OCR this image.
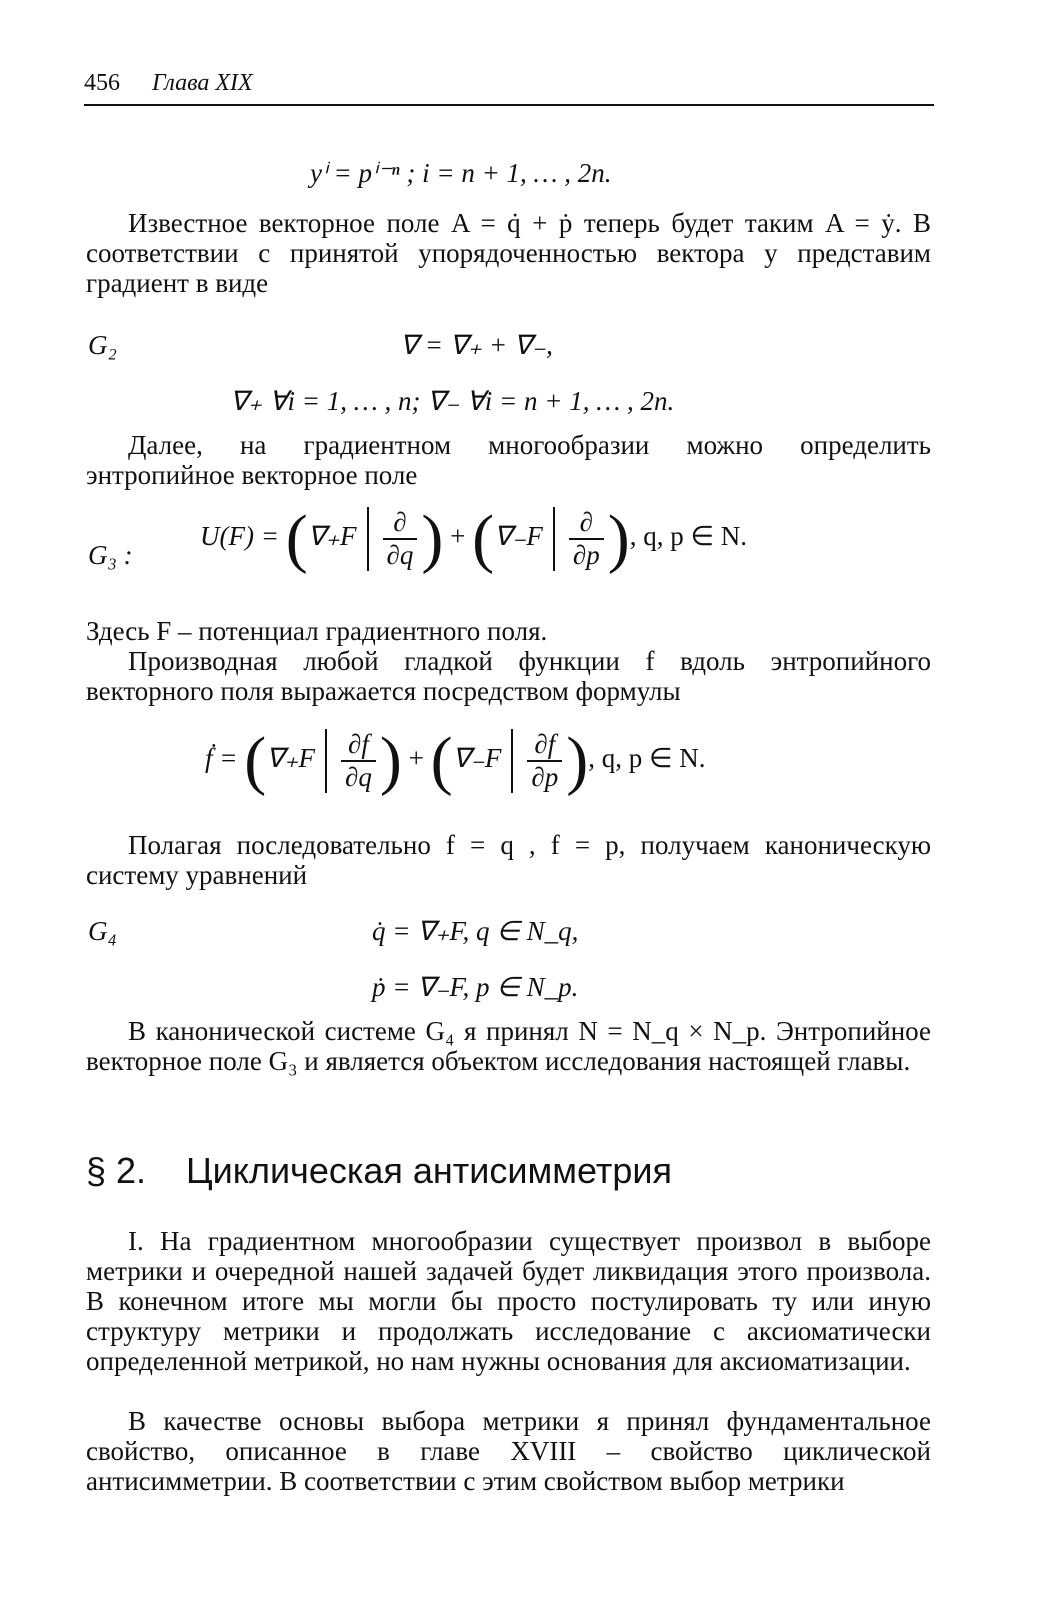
456 Глава XIX
yⁱ = pⁱ⁻ⁿ ; i = n + 1, … , 2n.

Известное векторное поле A = q̇ + ṗ теперь будет таким A = ẏ. В соответствии с принятой упорядоченностью вектора y представим градиент в виде

G₂	∇ = ∇₊ + ∇₋,
∇₊ ∀i = 1, … , n; ∇₋ ∀i = n + 1, … , 2n.

Далее, на градиентном многообразии можно определить энтропийное векторное поле

G₃ :
$U(F) = (\nabla_+F \frac{\partial}{\partial q}$ ) + ($\nabla_-F \frac{\partial}{\partial p}$ ), q, p ∈ N.

Здесь F – потенциал градиентного поля.

Производная любой гладкой функции f вдоль энтропийного векторного поля выражается посредством формулы

ḟ = ($\nabla_+F \frac{\partial f}{\partial q}$ ) + ($\nabla_-F \frac{\partial f}{\partial p}$ ), q, p ∈ N.

Полагая последовательно f = q , f = p, получаем каноническую систему уравнений

G₄	q̇ = ∇₊F, q ∈ N_q,
ṗ = ∇₋F, p ∈ N_p.

В канонической системе G₄ я принял N = N_q × N_p. Энтропийное векторное поле G₃ и является объектом исследования настоящей главы.

§ 2. Циклическая антисимметрия

I. На градиентном многообразии существует произвол в выборе метрики и очередной нашей задачей будет ликвидация этого произвола. В конечном итоге мы могли бы просто постулировать ту или иную структуру метрики и продолжать исследование с аксиоматически определенной метрикой, но нам нужны основания для аксиоматизации.

В качестве основы выбора метрики я принял фундаментальное свойство, описанное в главе XVIII – свойство циклической антисимметрии. В соответствии с этим свойством выбор метрики
